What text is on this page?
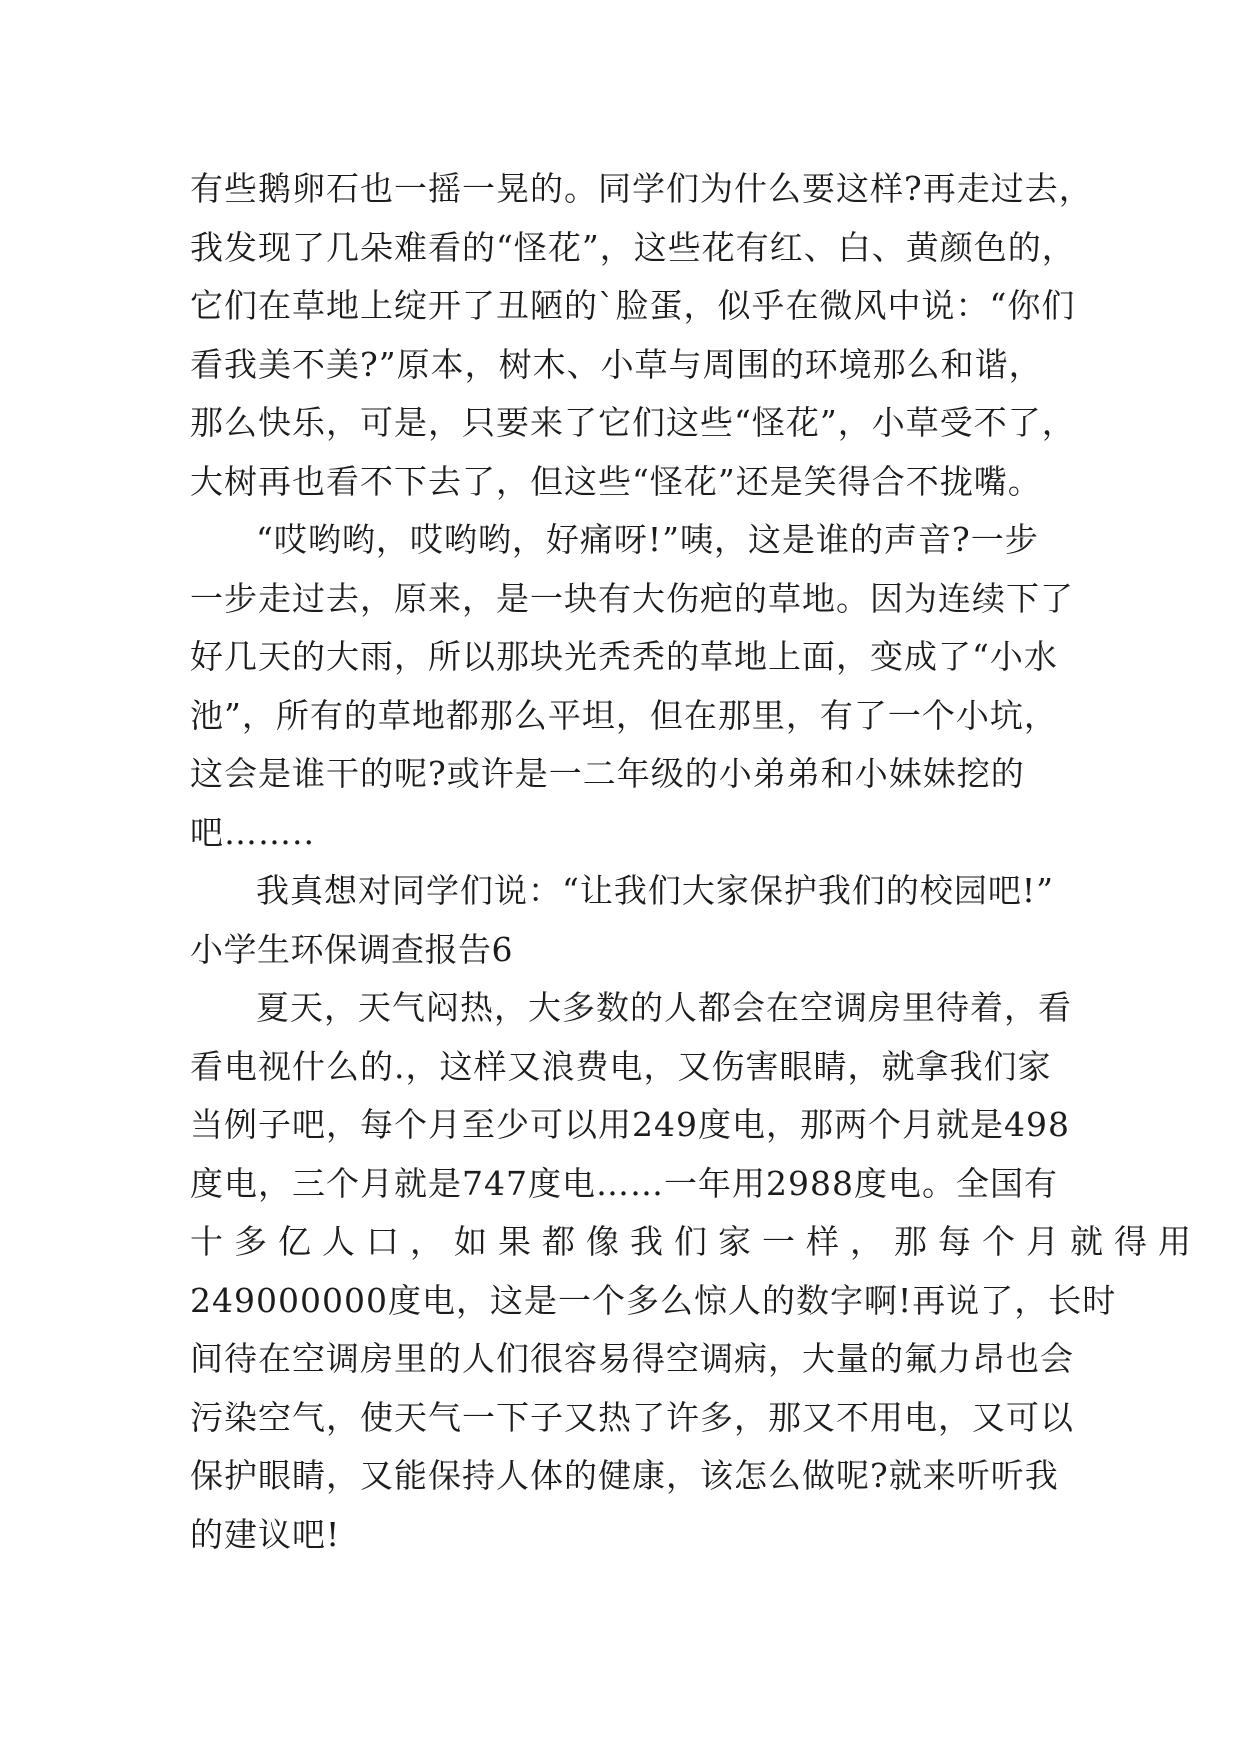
有些鹅卵石也一摇一晃的。同学们为什么要这样?再走过去，
我发现了几朵难看的“怪花”，这些花有红、白、黄颜色的，
它们在草地上绽开了丑陋的`脸蛋，似乎在微风中说：“你们
看我美不美?”原本，树木、小草与周围的环境那么和谐，
那么快乐，可是，只要来了它们这些“怪花”，小草受不了，
大树再也看不下去了，但这些“怪花”还是笑得合不拢嘴。
“哎哟哟，哎哟哟，好痛呀!”咦，这是谁的声音?一步
一步走过去，原来，是一块有大伤疤的草地。因为连续下了
好几天的大雨，所以那块光秃秃的草地上面，变成了“小水
池”，所有的草地都那么平坦，但在那里，有了一个小坑，
这会是谁干的呢?或许是一二年级的小弟弟和小妹妹挖的
吧……..
我真想对同学们说：“让我们大家保护我们的校园吧!”
小学生环保调查报告6
夏天，天气闷热，大多数的人都会在空调房里待着，看
看电视什么的.，这样又浪费电，又伤害眼睛，就拿我们家
当例子吧，每个月至少可以用249度电，那两个月就是498
度电，三个月就是747度电……一年用2988度电。全国有
十多亿人口，如果都像我们家一样，那每个月就得用
249000000度电，这是一个多么惊人的数字啊!再说了，长时
间待在空调房里的人们很容易得空调病，大量的氟力昂也会
污染空气，使天气一下子又热了许多，那又不用电，又可以
保护眼睛，又能保持人体的健康，该怎么做呢?就来听听我
的建议吧!
